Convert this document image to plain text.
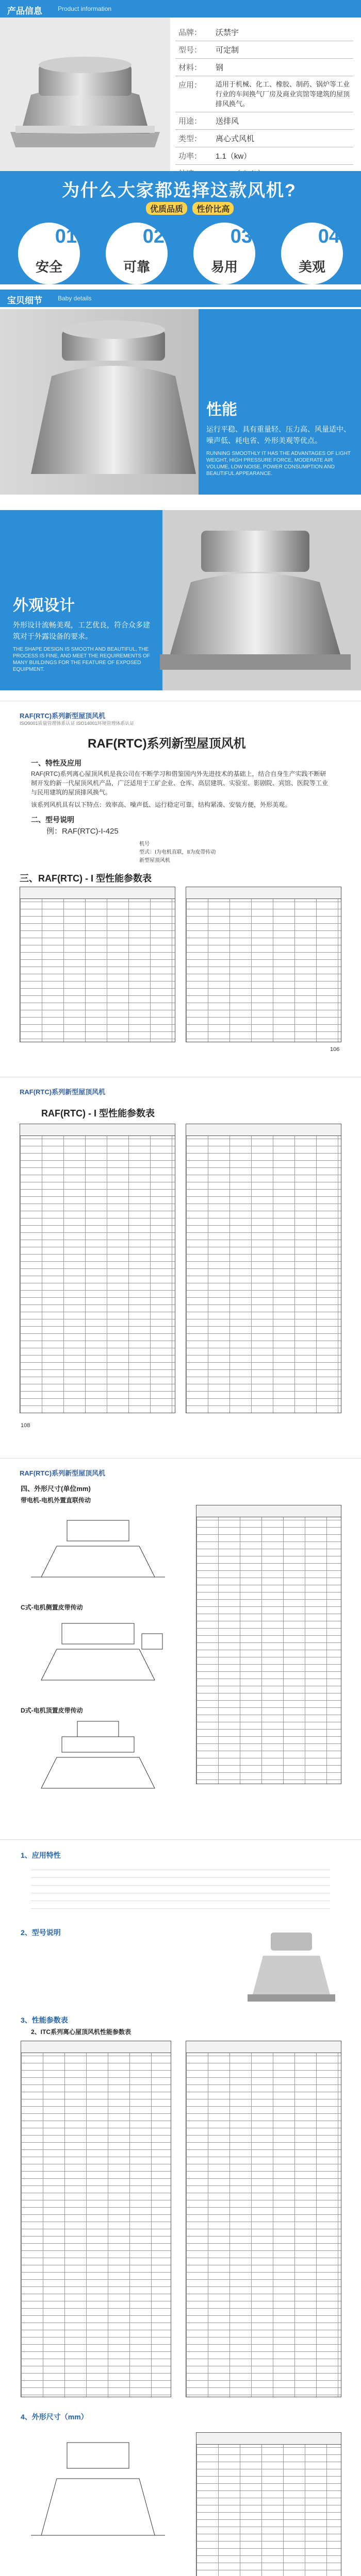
产品信息	Product information
品牌：	沃禁宇
型号：	可定制
材料：	钢
应用：	适用于机械、化工、橡胶、制药、锅炉等工业行业的车间换气厂房及商业宾馆等建筑的屋顶排风换气。
用途：	送排风
类型：	离心式风机
功率：	1.1（kw）

为什么大家都选择这款风机?
优质品质 性价比高
01
安全
02
可靠
03
易用
04
美观
宝贝细节	Baby details
性能

运行平稳、具有重量轻、压力高、风量适中、噪声低、耗电省、外形美观等优点。

RUNNING SMOOTHLY IT HAS THE ADVANTAGES OF LIGHT WEIGHT, HIGH PRESSURE FORCE, MODERATE AIR VOLUME, LOW NOISE, POWER CONSUMPTION AND BEAUTIFUL APPEARANCE.

外观设计

外形设计流畅美观，工艺优良，符合众多建筑对于外露设备的要求。

THE SHAPE DESIGN IS SMOOTH AND BEAUTIFUL, THE PROCESS IS FINE, AND MEET THE REQUIREMENTS OF MANY BUILDINGS FOR THE FEATURE OF EXPOSED EQUIPMENT.

RAF(RTC)系列新型屋顶风机
ISO9001质量管理体系认证 ISO14001环境管理体系认证
RAF(RTC)系列新型屋顶风机
一、特性及应用
RAF(RTC)系列离心屋顶风机是我公司在不断学习和借鉴国内外先进技术的基础上，结合自身生产实践不断研制开发的新一代屋顶风机产品，广泛适用于工矿企业、仓库、高层建筑、实验室、影剧院、宾馆、医院等工业与民用建筑的屋顶排风换气。
该系列风机具有以下特点：效率高、噪声低、运行稳定可靠，结构紧凑、安装方便，外形美观。
二、型号说明
例：RAF(RTC)-I-425
机号
型式：I为电机直联，II为皮带传动
新型屋顶风机
三、RAF(RTC) - I 型性能参数表
106
RAF(RTC)系列新型屋顶风机
RAF(RTC) - I 型性能参数表
108
RAF(RTC)系列新型屋顶风机
四、外形尺寸(单位mm)
带电机-电机外置直联传动
C式-电机侧置皮带传动
D式-电机顶置皮带传动
1、应用特性
2、型号说明
3、性能参数表
2、ITC系列离心屋顶风机性能参数表
4、外形尺寸（mm）
